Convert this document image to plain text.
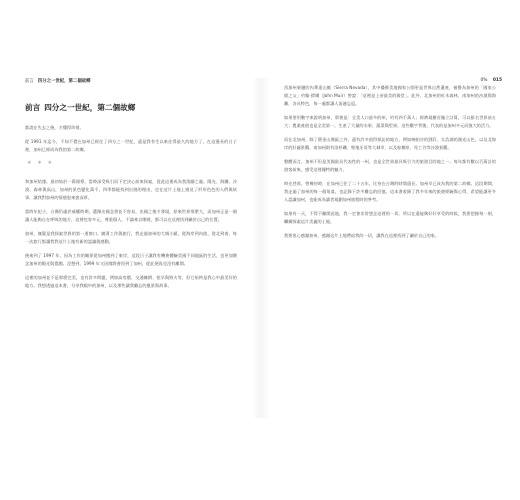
前言 四分之一世紀，第二個故鄉
前言 四分之一世紀，第二個故鄉

都說在失去之後，才懂得珍惜。

從 1991 年迄今，不知不覺在加州已經住了四分之一世紀，還是我有生以來住得最久的地方了。在這漫長的日子裡，加州已經成為我的第二故鄉。

＊＊＊

和加州結緣，最初始於一篇報導，當時深受吸引而下定決心前來探索，從此這裡成為我落腳之處。陽光、海灘、沙漠、森林與高山，加州的景色變化萬千，四季都能找到出遊的理由，也在這片土地上遇見了形形色色的人們與故事，讓我對加州的情感愈來愈深厚。

當時年紀小，台灣仍處於威權時期，選擇出國念書並不容易。出國之後才發現，原來世界那麼大，而加州正是一個讓人能夠自在呼吸的地方，這裡包容多元，尊重個人，不論來自哪裡，都可以在這裡找到屬於自己的位置。

加州，無疑是我探索世界的第一道窗口。隨著工作與旅行，我走過加州的大城小鎮，從海岸到內陸，從北到南，每一次旅行都讓我對這片土地有新的認識與感動。

後來到了 1997 年，因為工作的關係從加州搬到了東岸，這段日子讓我有機會體驗美國不同地區的生活，也更加懷念加州的陽光與寬闊。沒想到，1999 年又因緣際會回到了加州，從此便再也沒有離開。

這裡的加州並不是那麼完美，也有許多問題，例如高房價、交通擁擠、乾旱與野火等，但它始終是我心中最美好的地方。我想透過這本書，分享我眼中的加州，以及那些讓我難忘的風景與故事。

0% 015

西加州東邊的內華達山脈（Sierra Nevada），其中優勝美地國家公園更是世界自然遺產，被譽為加州的「國家公園之父」約翰·繆爾（John Muir）曾說：「這裡是上帝最美的殿堂」。此外，北加州的紅木森林、南加州的沙漠與海灘，各具特色，每一處都讓人流連忘返。

如果要用數字來說明加州，那會是：全美人口最多的州，約有四千萬人；經濟規模若獨立計算，可以排名世界前五大；農業產值也是全美第一，生產了大量的水果、蔬菜與堅果。這些數字背後，代表的是加州多元而強大的活力。

而在北加州，除了舊金山灣區之外，還有許多值得探訪的地方，例如納帕谷的酒莊、太浩湖的湖光山色，以及北海岸的壯麗景觀。南加州則有洛杉磯、聖地牙哥等大城市，以及棕櫚泉、死亡谷等沙漠景觀。

整體而言，加州不但是美國最具代表性的一州，也是全世界最具吸引力的旅遊目的地之一。每年都有數以百萬計的遊客前來，感受這裡獨特的魅力。

時光荏苒，曾幾何時，在加州已住了二十五年，比待在台灣的時間還長。加州早已成為我的第二故鄉。這段期間，我走遍了加州的每一個角落，也記錄下許多難忘的回憶。這本書收錄了我多年來的旅遊經驗與心得，希望能讓更多人認識加州，也能成為讀者規劃加州旅程時的參考。

如果有一天，不得不離開此地，我一定會非常想念這裡的一切。所以在還能夠好好享受的時候，我要把握每一刻，繼續探索這片美麗的土地。

我要衷心感謝加州，感謝這片土地帶給我的一切，讓我在這裡找到了屬於自己的家。
